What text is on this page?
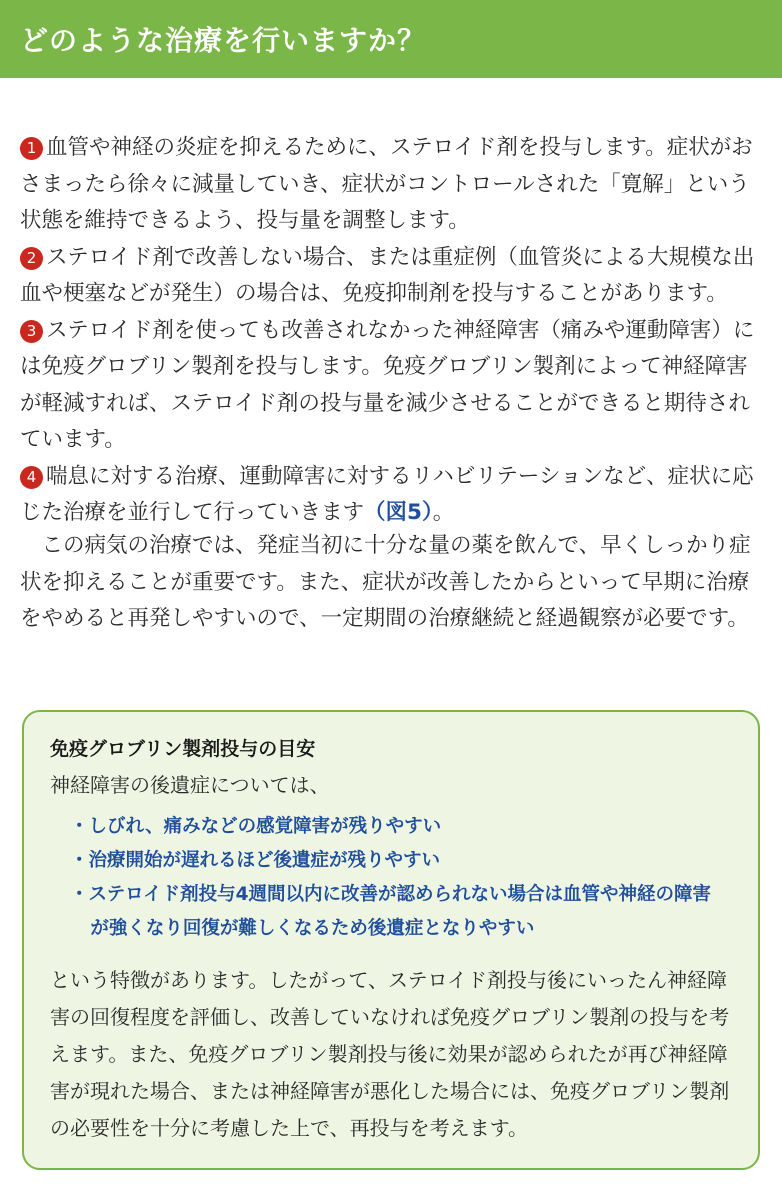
どのような治療を行いますか？

1 血管や神経の炎症を抑えるために、ステロイド剤を投与します。症状がおさまったら徐々に減量していき、症状がコントロールされた「寛解」という状態を維持できるよう、投与量を調整します。

2 ステロイド剤で改善しない場合、または重症例（血管炎による大規模な出血や梗塞などが発生）の場合は、免疫抑制剤を投与することがあります。

3 ステロイド剤を使っても改善されなかった神経障害（痛みや運動障害）には免疫グロブリン製剤を投与します。免疫グロブリン製剤によって神経障害が軽減すれば、ステロイド剤の投与量を減少させることができると期待されています。

4 喘息に対する治療、運動障害に対するリハビリテーションなど、症状に応じた治療を並行して行っていきます（図5）。

この病気の治療では、発症当初に十分な量の薬を飲んで、早くしっかり症状を抑えることが重要です。また、症状が改善したからといって早期に治療をやめると再発しやすいので、一定期間の治療継続と経過観察が必要です。

免疫グロブリン製剤投与の目安

神経障害の後遺症については、

・しびれ、痛みなどの感覚障害が残りやすい
・治療開始が遅れるほど後遺症が残りやすい
・ステロイド剤投与4週間以内に改善が認められない場合は血管や神経の障害が強くなり回復が難しくなるため後遺症となりやすい

という特徴があります。したがって、ステロイド剤投与後にいったん神経障害の回復程度を評価し、改善していなければ免疫グロブリン製剤の投与を考えます。また、免疫グロブリン製剤投与後に効果が認められたが再び神経障害が現れた場合、または神経障害が悪化した場合には、免疫グロブリン製剤の必要性を十分に考慮した上で、再投与を考えます。
